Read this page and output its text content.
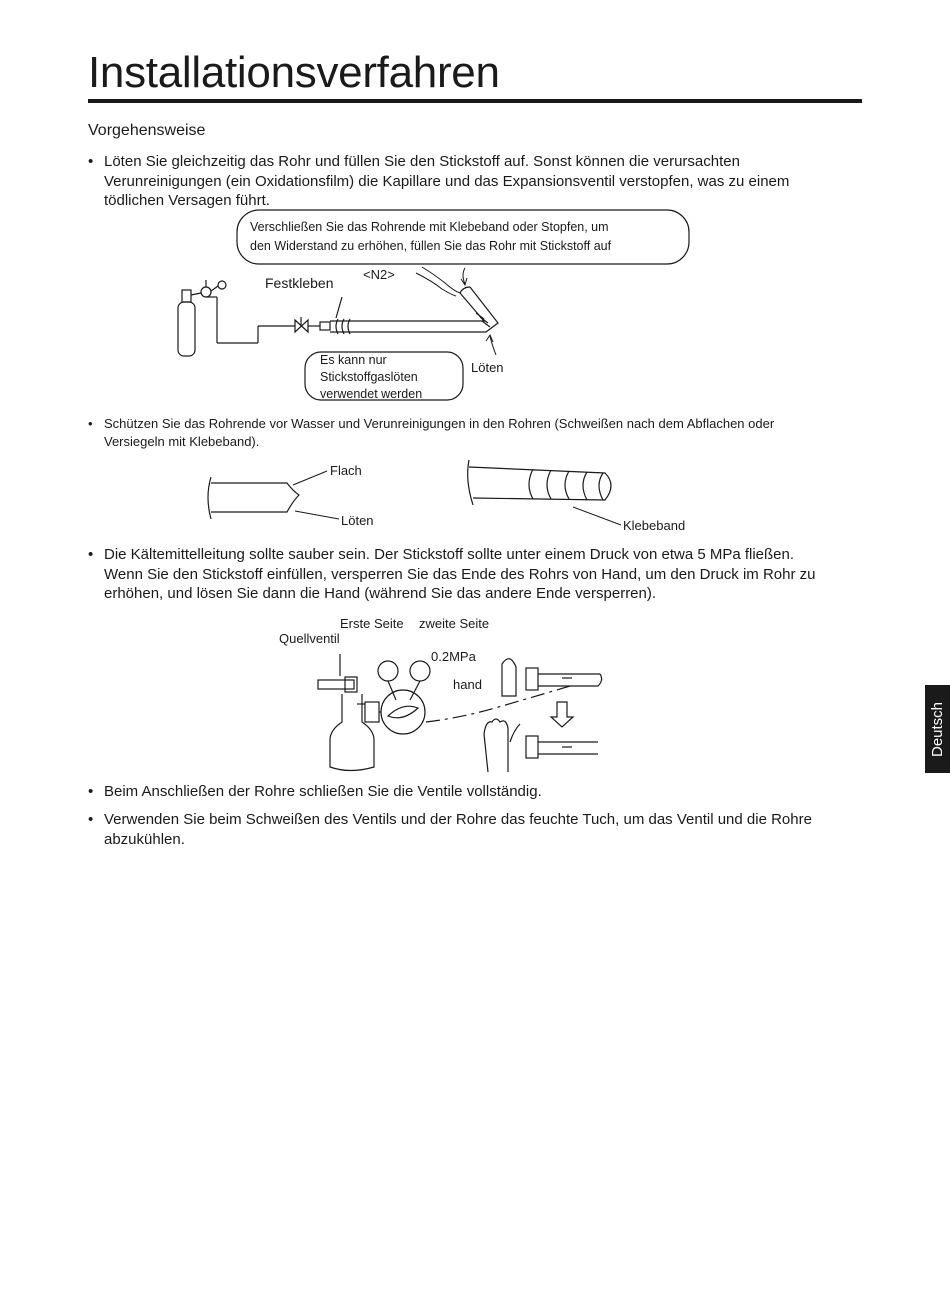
Installationsverfahren
Vorgehensweise
• Löten Sie gleichzeitig das Rohr und füllen Sie den Stickstoff auf. Sonst können die verursachten Verunreinigungen (ein Oxidationsfilm) die Kapillare und das Expansionsventil verstopfen, was zu einem tödlichen Versagen führt.
Verschließen Sie das Rohrende mit Klebeband oder Stopfen, um
den Widerstand zu erhöhen, füllen Sie das Rohr mit Stickstoff auf
Festkleben
<N2>
Es kann nur
Stickstoffgaslöten
verwendet werden
Löten
• Schützen Sie das Rohrende vor Wasser und Verunreinigungen in den Rohren (Schweißen nach dem Abflachen oder Versiegeln mit Klebeband).
Flach
Löten	Klebeband
• Die Kältemittelleitung sollte sauber sein. Der Stickstoff sollte unter einem Druck von etwa 5 MPa fließen. Wenn Sie den Stickstoff einfüllen, versperren Sie das Ende des Rohrs von Hand, um den Druck im Rohr zu erhöhen, und lösen Sie dann die Hand (während Sie das andere Ende versperren).
Erste Seite zweite Seite
Quellventil
0.2MPa
hand
• Beim Anschließen der Rohre schließen Sie die Ventile vollständig.
• Verwenden Sie beim Schweißen des Ventils und der Rohre das feuchte Tuch, um das Ventil und die Rohre abzukühlen.
Deutsch
